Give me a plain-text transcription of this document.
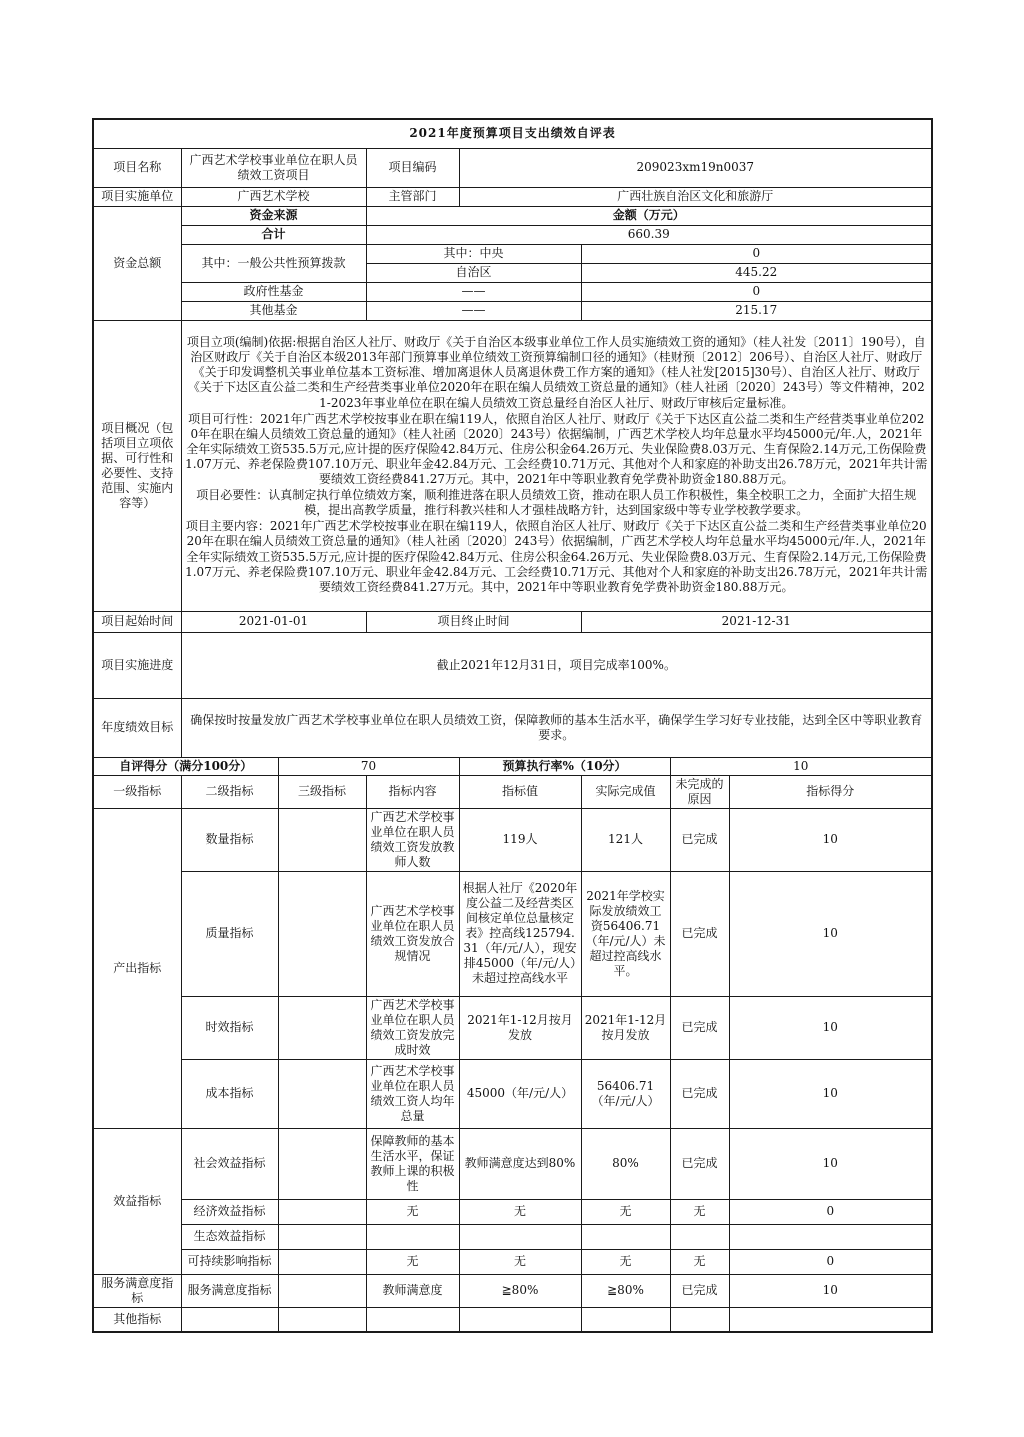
2021年度预算项目支出绩效自评表							
项目名称	广西艺术学校事业单位在职人员绩效工资项目		项目编码	209023xm19n0037			
项目实施单位	广西艺术学校		主管部门	广西壮族自治区文化和旅游厅			
资金总额	资金来源		金额（万元）				
	合计		660.39				
	其中：一般公共性预算拨款		其中：中央		0		
			自治区		445.22		
	政府性基金		——		0		
	其他基金		——		215.17		
项目概况（包括项目立项依据、可行性和必要性、支持范围、实施内容等）	项目立项(编制)依据:根据自治区人社厅、财政厅《关于自治区本级事业单位工作人员实施绩效工资的通知》（桂人社发〔2011〕190号），自治区财政厅《关于自治区本级2013年部门预算事业单位绩效工资预算编制口径的通知》（桂财预〔2012〕206号）、自治区人社厅、财政厅《关于印发调整机关事业单位基本工资标准、增加离退休人员离退休费工作方案的通知》（桂人社发[2015]30号）、自治区人社厅、财政厅《关于下达区直公益二类和生产经营类事业单位2020年在职在编人员绩效工资总量的通知》（桂人社函〔2020〕243号）等文件精神，2021-2023年事业单位在职在编人员绩效工资总量经自治区人社厅、财政厅审核后定量标准。
项目可行性：2021年广西艺术学校按事业在职在编119人，依照自治区人社厅、财政厅《关于下达区直公益二类和生产经营类事业单位2020年在职在编人员绩效工资总量的通知》（桂人社函〔2020〕243号）依据编制，广西艺术学校人均年总量水平均45000元/年.人，2021年全年实际绩效工资535.5万元,应计提的医疗保险42.84万元、住房公积金64.26万元、失业保险费8.03万元、生育保险2.14万元,工伤保险费1.07万元、养老保险费107.10万元、职业年金42.84万元、工会经费10.71万元、其他对个人和家庭的补助支出26.78万元，2021年共计需要绩效工资经费841.27万元。其中，2021年中等职业教育免学费补助资金180.88万元。
项目必要性：认真制定执行单位绩效方案，顺利推进落在职人员绩效工资，推动在职人员工作积极性，集全校职工之力，全面扩大招生规模，提出高教学质量，推行科教兴桂和人才强桂战略方针，达到国家级中等专业学校教学要求。
项目主要内容：2021年广西艺术学校按事业在职在编119人，依照自治区人社厅、财政厅《关于下达区直公益二类和生产经营类事业单位2020年在职在编人员绩效工资总量的通知》（桂人社函〔2020〕243号）依据编制，广西艺术学校人均年总量水平均45000元/年.人，2021年全年实际绩效工资535.5万元,应计提的医疗保险42.84万元、住房公积金64.26万元、失业保险费8.03万元、生育保险2.14万元,工伤保险费1.07万元、养老保险费107.10万元、职业年金42.84万元、工会经费10.71万元、其他对个人和家庭的补助支出26.78万元，2021年共计需要绩效工资经费841.27万元。其中，2021年中等职业教育免学费补助资金180.88万元。						

项目起始时间	2021-01-01		项目终止时间		2021-12-31		
项目实施进度	截止2021年12月31日，项目完成率100%。						
年度绩效目标	确保按时按量发放广西艺术学校事业单位在职人员绩效工资，保障教师的基本生活水平，确保学生学习好专业技能，达到全区中等职业教育要求。						
自评得分（满分100分）		70		预算执行率%（10分）		10	
一级指标	二级指标	三级指标	指标内容	指标值	实际完成值	未完成的原因	指标得分
产出指标	数量指标		广西艺术学校事业单位在职人员绩效工资发放教师人数	119人	121人	已完成	10
	质量指标		广西艺术学校事业单位在职人员绩效工资发放合规情况	根据人社厅《2020年度公益二及经营类区间核定单位总量核定表》控高线125794.31（年/元/人），现安排45000（年/元/人）未超过控高线水平	2021年学校实际发放绩效工资56406.71 （年/元/人）未超过控高线水平。	已完成	10
	时效指标		广西艺术学校事业单位在职人员绩效工资发放完成时效	2021年1-12月按月发放	2021年1-12月按月发放	已完成	10
	成本指标		广西艺术学校事业单位在职人员绩效工资人均年总量	45000（年/元/人）	56406.71 （年/元/人）	已完成	10
效益指标	社会效益指标		保障教师的基本生活水平，保证教师上课的积极性	教师满意度达到80%	80%	已完成	10
	经济效益指标		无	无	无	无	0
	生态效益指标						
	可持续影响指标		无	无	无	无	0
服务满意度指标	服务满意度指标		教师满意度	≧80%	≧80%	已完成	10
其他指标							
